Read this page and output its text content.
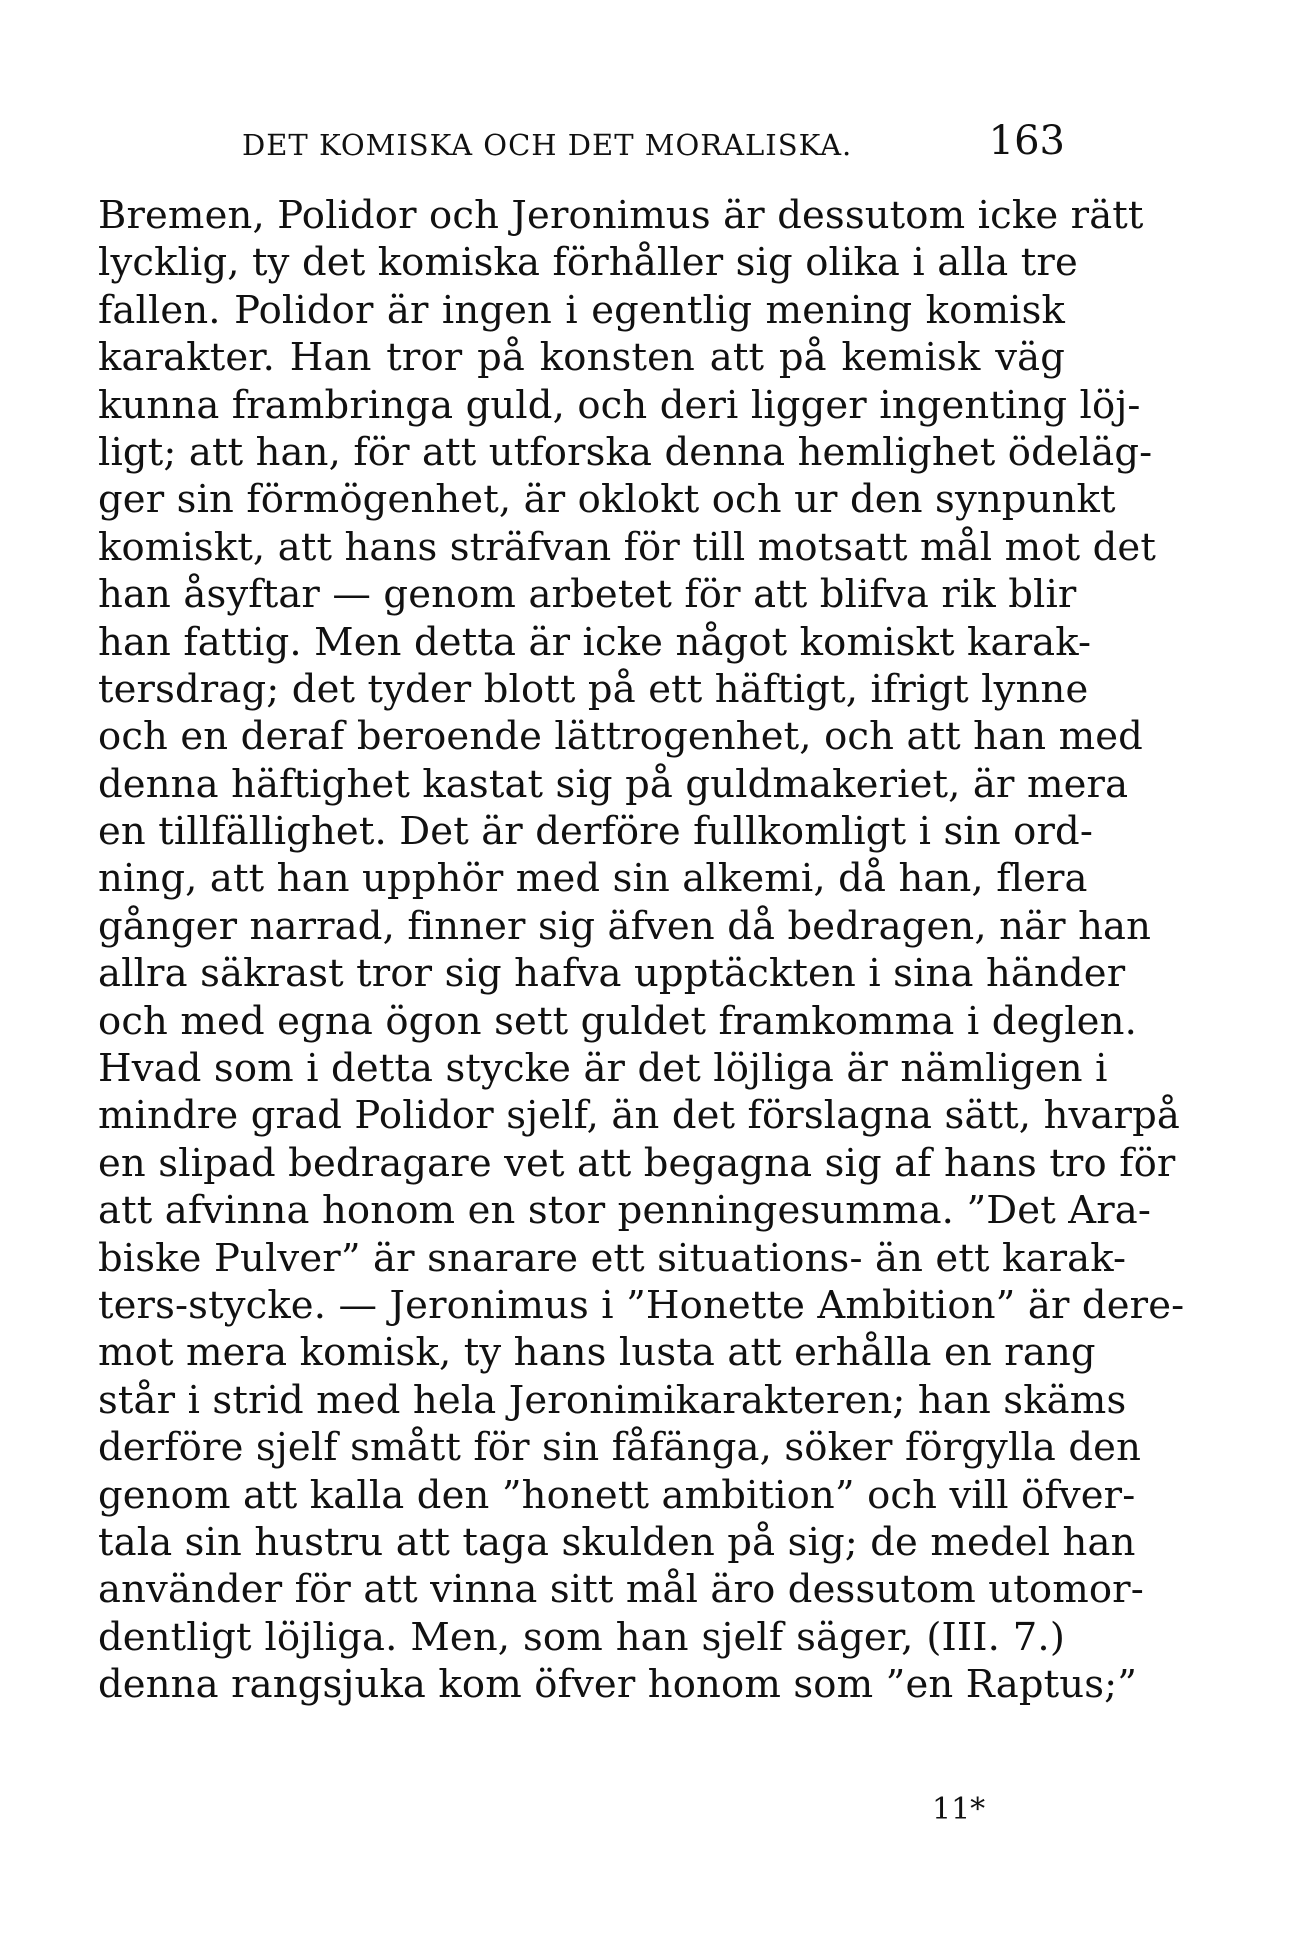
DET KOMISKA OCH DET MORALISKA.	163
Bremen, Polidor och Jeronimus är dessutom icke rätt
lycklig, ty det komiska förhåller sig olika i alla tre
fallen. Polidor är ingen i egentlig mening komisk
karakter. Han tror på konsten att på kemisk väg
kunna frambringa guld, och deri ligger ingenting löj-
ligt; att han, för att utforska denna hemlighet ödeläg-
ger sin förmögenhet, är oklokt och ur den synpunkt
komiskt, att hans sträfvan för till motsatt mål mot det
han åsyftar — genom arbetet för att blifva rik blir
han fattig. Men detta är icke något komiskt karak-
tersdrag; det tyder blott på ett häftigt, ifrigt lynne
och en deraf beroende lättrogenhet, och att han med
denna häftighet kastat sig på guldmakeriet, är mera
en tillfällighet. Det är derföre fullkomligt i sin ord-
ning, att han upphör med sin alkemi, då han, flera
gånger narrad, finner sig äfven då bedragen, när han
allra säkrast tror sig hafva upptäckten i sina händer
och med egna ögon sett guldet framkomma i deglen.
Hvad som i detta stycke är det löjliga är nämligen i
mindre grad Polidor sjelf, än det förslagna sätt, hvarpå
en slipad bedragare vet att begagna sig af hans tro för
att afvinna honom en stor penningesumma. ”Det Ara-
biske Pulver” är snarare ett situations- än ett karak-
ters-stycke. — Jeronimus i ”Honette Ambition” är dere-
mot mera komisk, ty hans lusta att erhålla en rang
står i strid med hela Jeronimikarakteren; han skäms
derföre sjelf smått för sin fåfänga, söker förgylla den
genom att kalla den ”honett ambition” och vill öfver-
tala sin hustru att taga skulden på sig; de medel han
använder för att vinna sitt mål äro dessutom utomor-
dentligt löjliga. Men, som han sjelf säger, (III. 7.)
denna rangsjuka kom öfver honom som ”en Raptus;”
11*
